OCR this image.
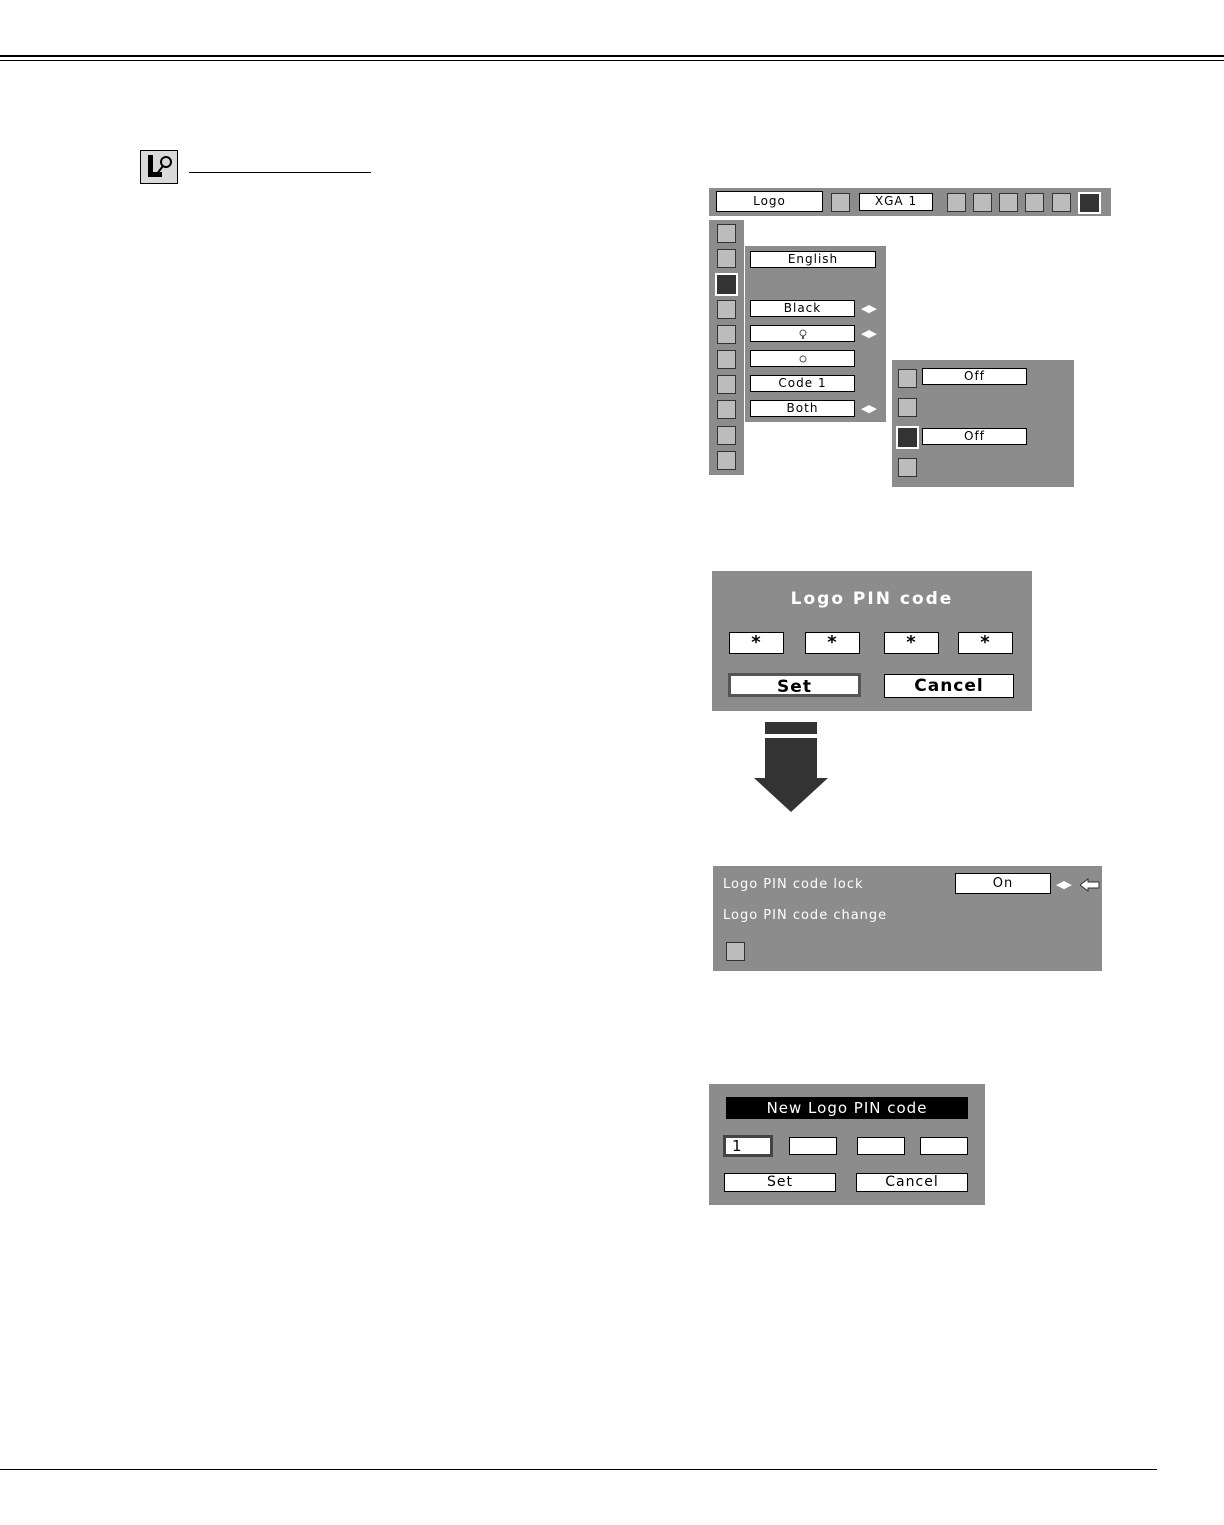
Logo	XGA 1
English
Black	◀▶
◀▶
Code 1
Both	◀▶
Off
Off
Logo PIN code
*	*	*	*
Set	Cancel
Logo PIN code lock	On	◀▶
Logo PIN code change
New Logo PIN code
1
Set	Cancel
